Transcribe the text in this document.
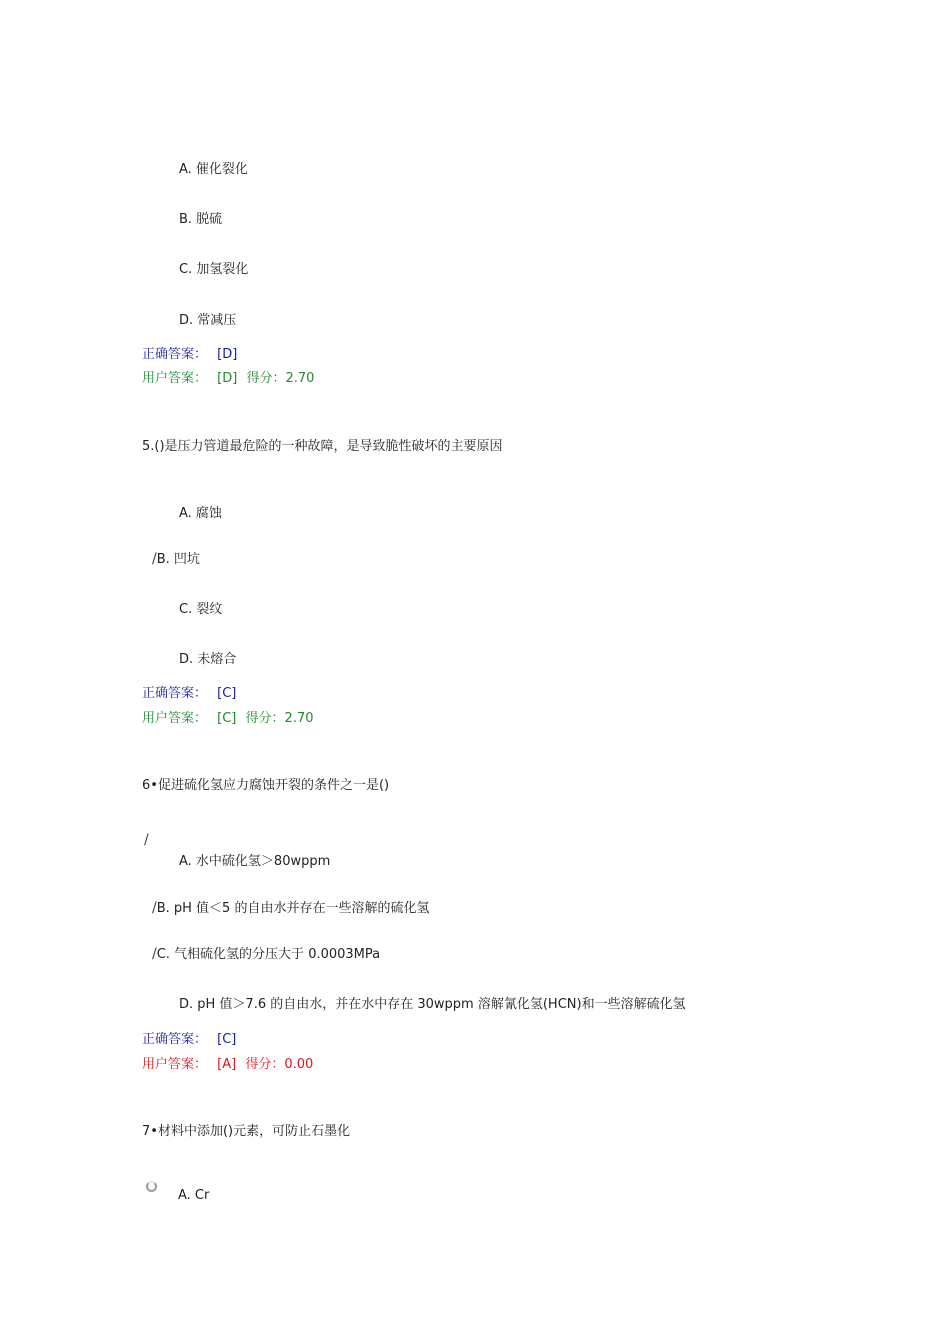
A. 催化裂化
B. 脱硫
C. 加氢裂化
D. 常减压
正确答案： [D]
用户答案： [D] 得分：2.70
5.()是压力管道最危险的一种故障，是导致脆性破坏的主要原因
A. 腐蚀
/B. 凹坑
C. 裂纹
D. 未熔合
正确答案： [C]
用户答案： [C] 得分：2.70
6•促进硫化氢应力腐蚀开裂的条件之一是()
/
A. 水中硫化氢＞80wppm
/B. pH 值＜5 的自由水并存在一些溶解的硫化氢
/C. 气相硫化氢的分压大于 0.0003MPa
D. pH 值＞7.6 的自由水，并在水中存在 30wppm 溶解氰化氢(HCN)和一些溶解硫化氢
正确答案： [C]
用户答案： [A] 得分：0.00
7•材料中添加()元素，可防止石墨化
A. Cr
